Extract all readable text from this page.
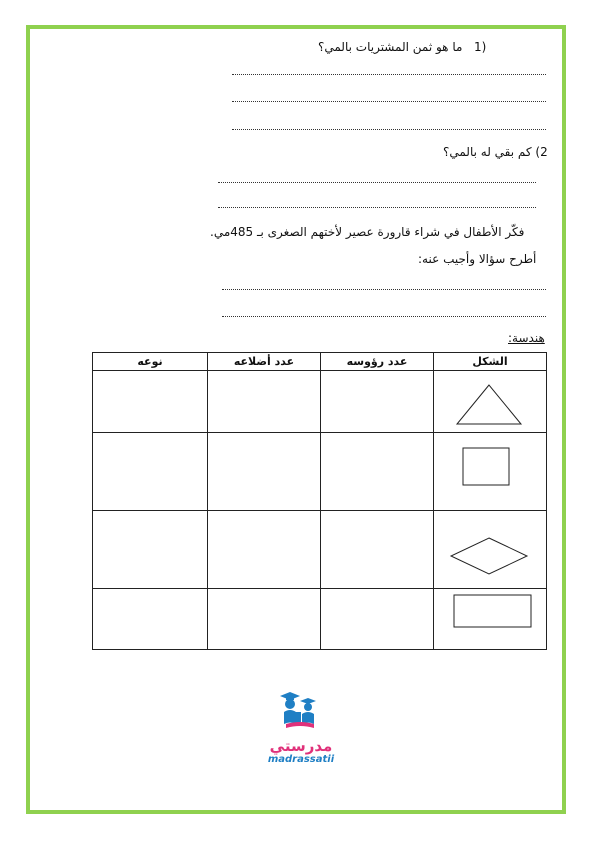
1)
ما هو ثمن المشتريات بالمي؟
2) كم بقي له بالمي؟
فكّر الأطفال في شراء قارورة عصير لأختهم الصغرى بـ 485مي.
أطرح سؤالا وأجيب عنه:
هندسة:
الشكل	عدد رؤوسه	عدد أضلاعه	نوعه

مدرستي
madrassatii
